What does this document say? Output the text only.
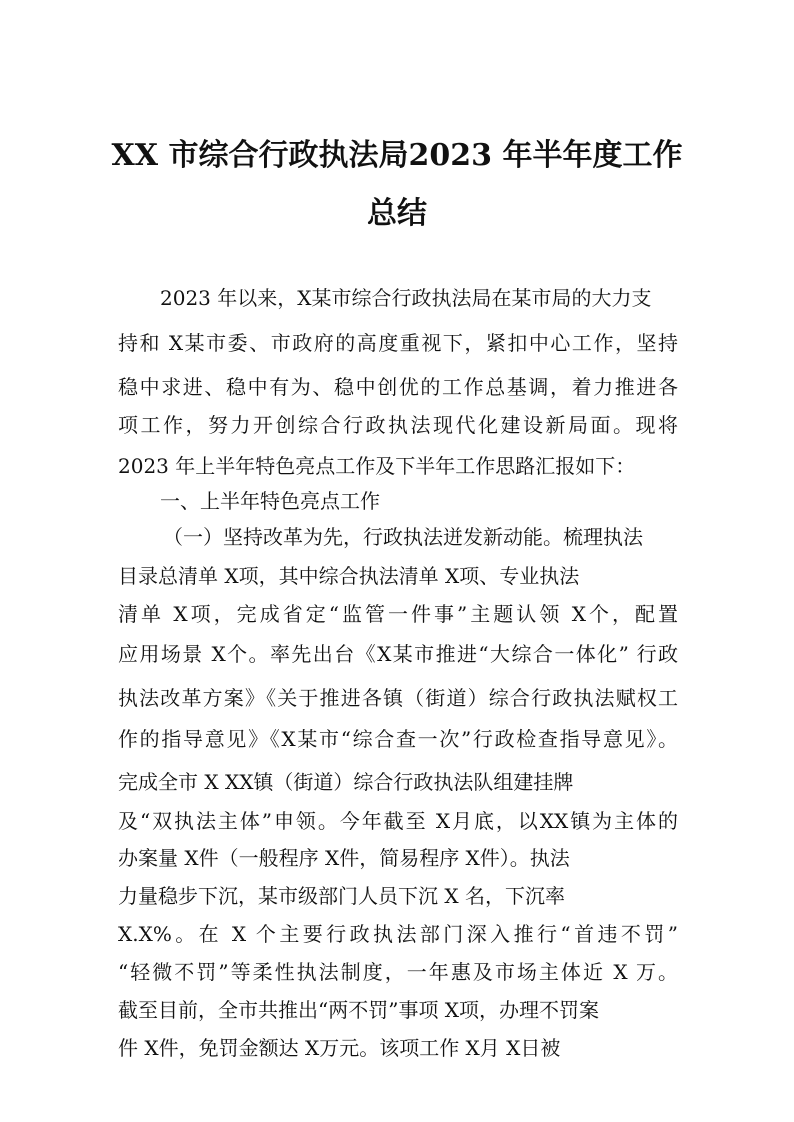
XX 市综合行政执法局2023 年半年度工作
总结
2023 年以来，X某市综合行政执法局在某市局的大力支
持和 X某市委、市政府的高度重视下，紧扣中心工作，坚持
稳中求进、稳中有为、稳中创优的工作总基调，着力推进各
项工作，努力开创综合行政执法现代化建设新局面。现将
2023 年上半年特色亮点工作及下半年工作思路汇报如下：
一、上半年特色亮点工作
（一）坚持改革为先，行政执法迸发新动能。梳理执法
目录总清单 X项，其中综合执法清单 X项、专业执法
清单 X项，完成省定“监管一件事”主题认领 X个，配置
应用场景 X个。率先出台《X某市推进“大综合一体化” 行政
执法改革方案》《关于推进各镇（街道）综合行政执法赋权工
作的指导意见》《X某市“综合查一次”行政检查指导意见》。
完成全市 X XX镇（街道）综合行政执法队组建挂牌
及“双执法主体”申领。今年截至 X月底，以XX镇为主体的
办案量 X件（一般程序 X件，简易程序 X件）。执法
力量稳步下沉，某市级部门人员下沉 X 名，下沉率
X.X%。在 X 个主要行政执法部门深入推行“首违不罚”
“轻微不罚”等柔性执法制度，一年惠及市场主体近 X 万。
截至目前，全市共推出“两不罚”事项 X项，办理不罚案
件 X件，免罚金额达 X万元。该项工作 X月 X日被
